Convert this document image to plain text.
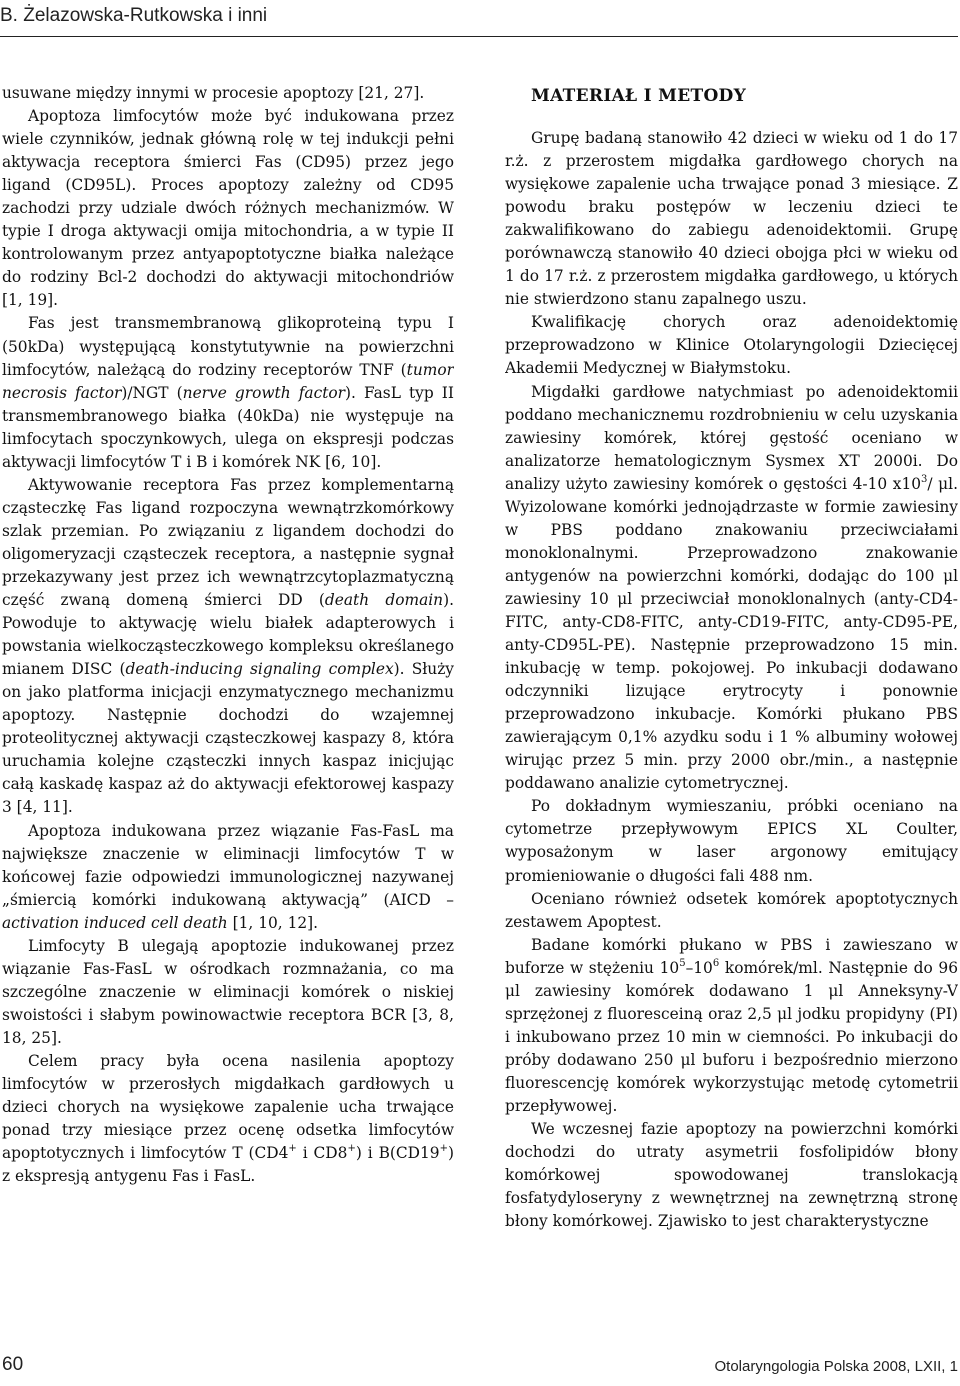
B. Żelazowska-Rutkowska i inni

usuwane między innymi w procesie apoptozy [21, 27].

Apoptoza limfocytów może być indukowana przez wiele czynników, jednak główną rolę w tej indukcji pełni aktywacja receptora śmierci Fas (CD95) przez jego ligand (CD95L). Proces apoptozy zależny od CD95 zachodzi przy udziale dwóch różnych mechanizmów. W typie I droga aktywacji omija mitochondria, a w typie II kontrolowanym przez antyapoptotyczne białka należące do rodziny Bcl-2 dochodzi do aktywacji mitochondriów [1, 19].

Fas jest transmembranową glikoproteiną typu I (50kDa) występującą konstytutywnie na powierzchni limfocytów, należącą do rodziny receptorów TNF (tumor necrosis factor)/NGT (nerve growth factor). FasL typ II transmembranowego białka (40kDa) nie występuje na limfocytach spoczynkowych, ulega on ekspresji podczas aktywacji limfocytów T i B i komórek NK [6, 10].

Aktywowanie receptora Fas przez komplementarną cząsteczkę Fas ligand rozpoczyna wewnątrzkomórkowy szlak przemian. Po związaniu z ligandem dochodzi do oligomeryzacji cząsteczek receptora, a następnie sygnał przekazywany jest przez ich wewnątrzcytoplazmatyczną część zwaną domeną śmierci DD (death domain). Powoduje to aktywację wielu białek adapterowych i powstania wielkocząsteczkowego kompleksu określanego mianem DISC (death-inducing signaling complex). Służy on jako platforma inicjacji enzymatycznego mechanizmu apoptozy. Następnie dochodzi do wzajemnej proteolitycznej aktywacji cząsteczkowej kaspazy 8, która uruchamia kolejne cząsteczki innych kaspaz inicjując całą kaskadę kaspaz aż do aktywacji efektorowej kaspazy 3 [4, 11].

Apoptoza indukowana przez wiązanie Fas-FasL ma największe znaczenie w eliminacji limfocytów T w końcowej fazie odpowiedzi immunologicznej nazywanej „śmiercią komórki indukowaną aktywacją” (AICD – activation induced cell death [1, 10, 12].

Limfocyty B ulegają apoptozie indukowanej przez wiązanie Fas-FasL w ośrodkach rozmnażania, co ma szczególne znaczenie w eliminacji komórek o niskiej swoistości i słabym powinowactwie receptora BCR [3, 8, 18, 25].

Celem pracy była ocena nasilenia apoptozy limfocytów w przerosłych migdałkach gardłowych u dzieci chorych na wysiękowe zapalenie ucha trwające ponad trzy miesiące przez ocenę odsetka limfocytów apoptotycznych i limfocytów T (CD4+ i CD8+) i B(CD19+) z ekspresją antygenu Fas i FasL.

MATERIAŁ I METODY

Grupę badaną stanowiło 42 dzieci w wieku od 1 do 17 r.ż. z przerostem migdałka gardłowego chorych na wysiękowe zapalenie ucha trwające ponad 3 miesiące. Z powodu braku postępów w leczeniu dzieci te zakwalifikowano do zabiegu adenoidektomii. Grupę porównawczą stanowiło 40 dzieci obojga płci w wieku od 1 do 17 r.ż. z przerostem migdałka gardłowego, u których nie stwierdzono stanu zapalnego uszu.

Kwalifikację chorych oraz adenoidektomię przeprowadzono w Klinice Otolaryngologii Dziecięcej Akademii Medycznej w Białymstoku.

Migdałki gardłowe natychmiast po adenoidektomii poddano mechanicznemu rozdrobnieniu w celu uzyskania zawiesiny komórek, której gęstość oceniano w analizatorze hematologicznym Sysmex XT 2000i. Do analizy użyto zawiesiny komórek o gęstości 4-10 $x10^3/$ μl. Wyizolowane komórki jednojądrzaste w formie zawiesiny w PBS poddano znakowaniu przeciwciałami monoklonalnymi. Przeprowadzono znakowanie antygenów na powierzchni komórki, dodając do 100 μl zawiesiny 10 μl przeciwciał monoklonalnych (anty-CD4-FITC, anty-CD8-FITC, anty-CD19-FITC, anty-CD95-PE, anty-CD95L-PE). Następnie przeprowadzono 15 min. inkubację w temp. pokojowej. Po inkubacji dodawano odczynniki lizujące erytrocyty i ponownie przeprowadzono inkubacje. Komórki płukano PBS zawierającym 0,1% azydku sodu i 1 % albuminy wołowej wirując przez 5 min. przy 2000 obr./min., a następnie poddawano analizie cytometrycznej.

Po dokładnym wymieszaniu, próbki oceniano na cytometrze przepływowym EPICS XL Coulter, wyposażonym w laser argonowy emitujący promieniowanie o długości fali 488 nm.

Oceniano również odsetek komórek apoptotycznych zestawem Apoptest.

Badane komórki płukano w PBS i zawieszano w buforze w stężeniu $10^5-10^6$ komórek/ml. Następnie do 96 μl zawiesiny komórek dodawano 1 μl Anneksyny-V sprzężonej z fluoresceiną oraz 2,5 μl jodku propidyny (PI) i inkubowano przez 10 min w ciemności. Po inkubacji do próby dodawano 250 μl buforu i bezpośrednio mierzono fluorescencję komórek wykorzystując metodę cytometrii przepływowej.

We wczesnej fazie apoptozy na powierzchni komórki dochodzi do utraty asymetrii fosfolipidów błony komórkowej spowodowanej translokacją fosfatydyloseryny z wewnętrznej na zewnętrzną stronę błony komórkowej. Zjawisko to jest charakterystyczne

60	Otolaryngologia Polska 2008, LXII, 1
